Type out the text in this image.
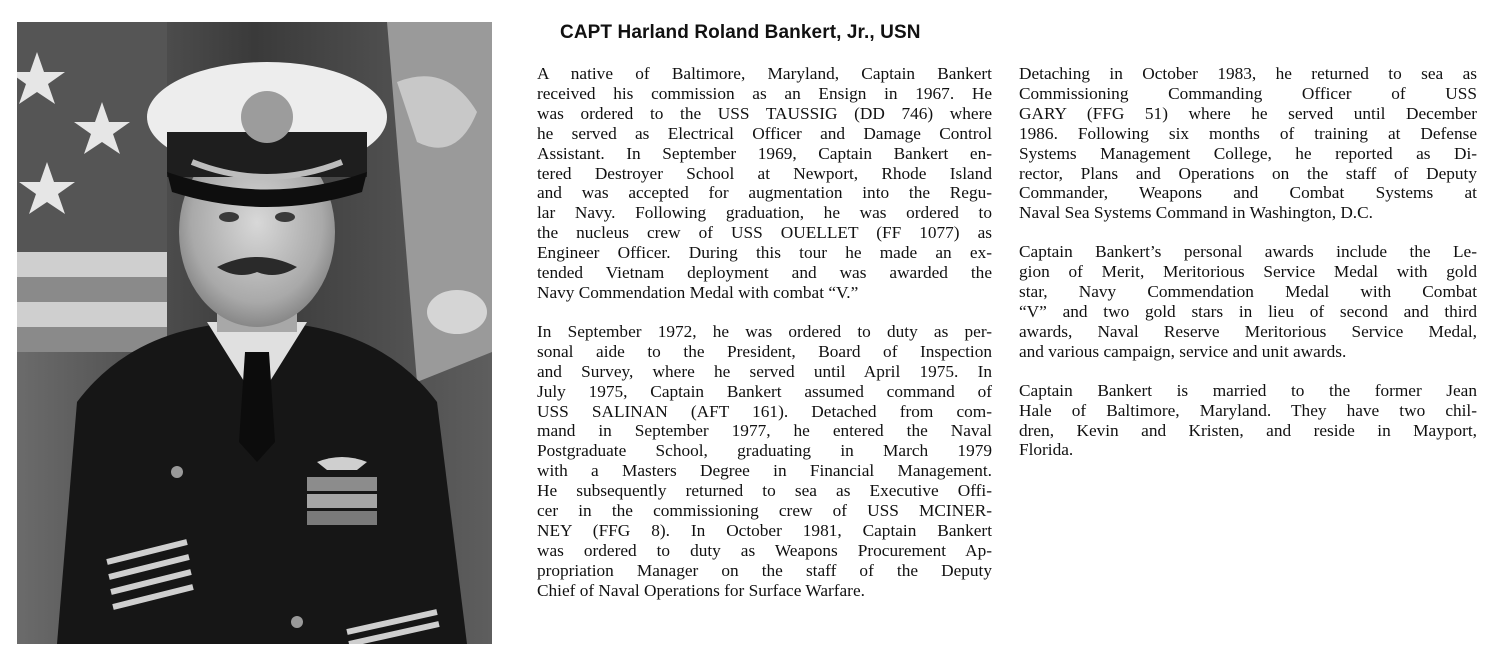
CAPT Harland Roland Bankert, Jr., USN
A native of Baltimore, Maryland, Captain Bankert
received his commission as an Ensign in 1967. He
was ordered to the USS TAUSSIG (DD 746) where
he served as Electrical Officer and Damage Control
Assistant. In September 1969, Captain Bankert en-
tered Destroyer School at Newport, Rhode Island
and was accepted for augmentation into the Regu-
lar Navy. Following graduation, he was ordered to
the nucleus crew of USS OUELLET (FF 1077) as
Engineer Officer. During this tour he made an ex-
tended Vietnam deployment and was awarded the
Navy Commendation Medal with combat “V.”
In September 1972, he was ordered to duty as per-
sonal aide to the President, Board of Inspection
and Survey, where he served until April 1975. In
July 1975, Captain Bankert assumed command of
USS SALINAN (AFT 161). Detached from com-
mand in September 1977, he entered the Naval
Postgraduate School, graduating in March 1979
with a Masters Degree in Financial Management.
He subsequently returned to sea as Executive Offi-
cer in the commissioning crew of USS MCINER-
NEY (FFG 8). In October 1981, Captain Bankert
was ordered to duty as Weapons Procurement Ap-
propriation Manager on the staff of the Deputy
Chief of Naval Operations for Surface Warfare.
Detaching in October 1983, he returned to sea as
Commissioning Commanding Officer of USS
GARY (FFG 51) where he served until December
1986. Following six months of training at Defense
Systems Management College, he reported as Di-
rector, Plans and Operations on the staff of Deputy
Commander, Weapons and Combat Systems at
Naval Sea Systems Command in Washington, D.C.
Captain Bankert’s personal awards include the Le-
gion of Merit, Meritorious Service Medal with gold
star, Navy Commendation Medal with Combat
“V” and two gold stars in lieu of second and third
awards, Naval Reserve Meritorious Service Medal,
and various campaign, service and unit awards.
Captain Bankert is married to the former Jean
Hale of Baltimore, Maryland. They have two chil-
dren, Kevin and Kristen, and reside in Mayport,
Florida.
